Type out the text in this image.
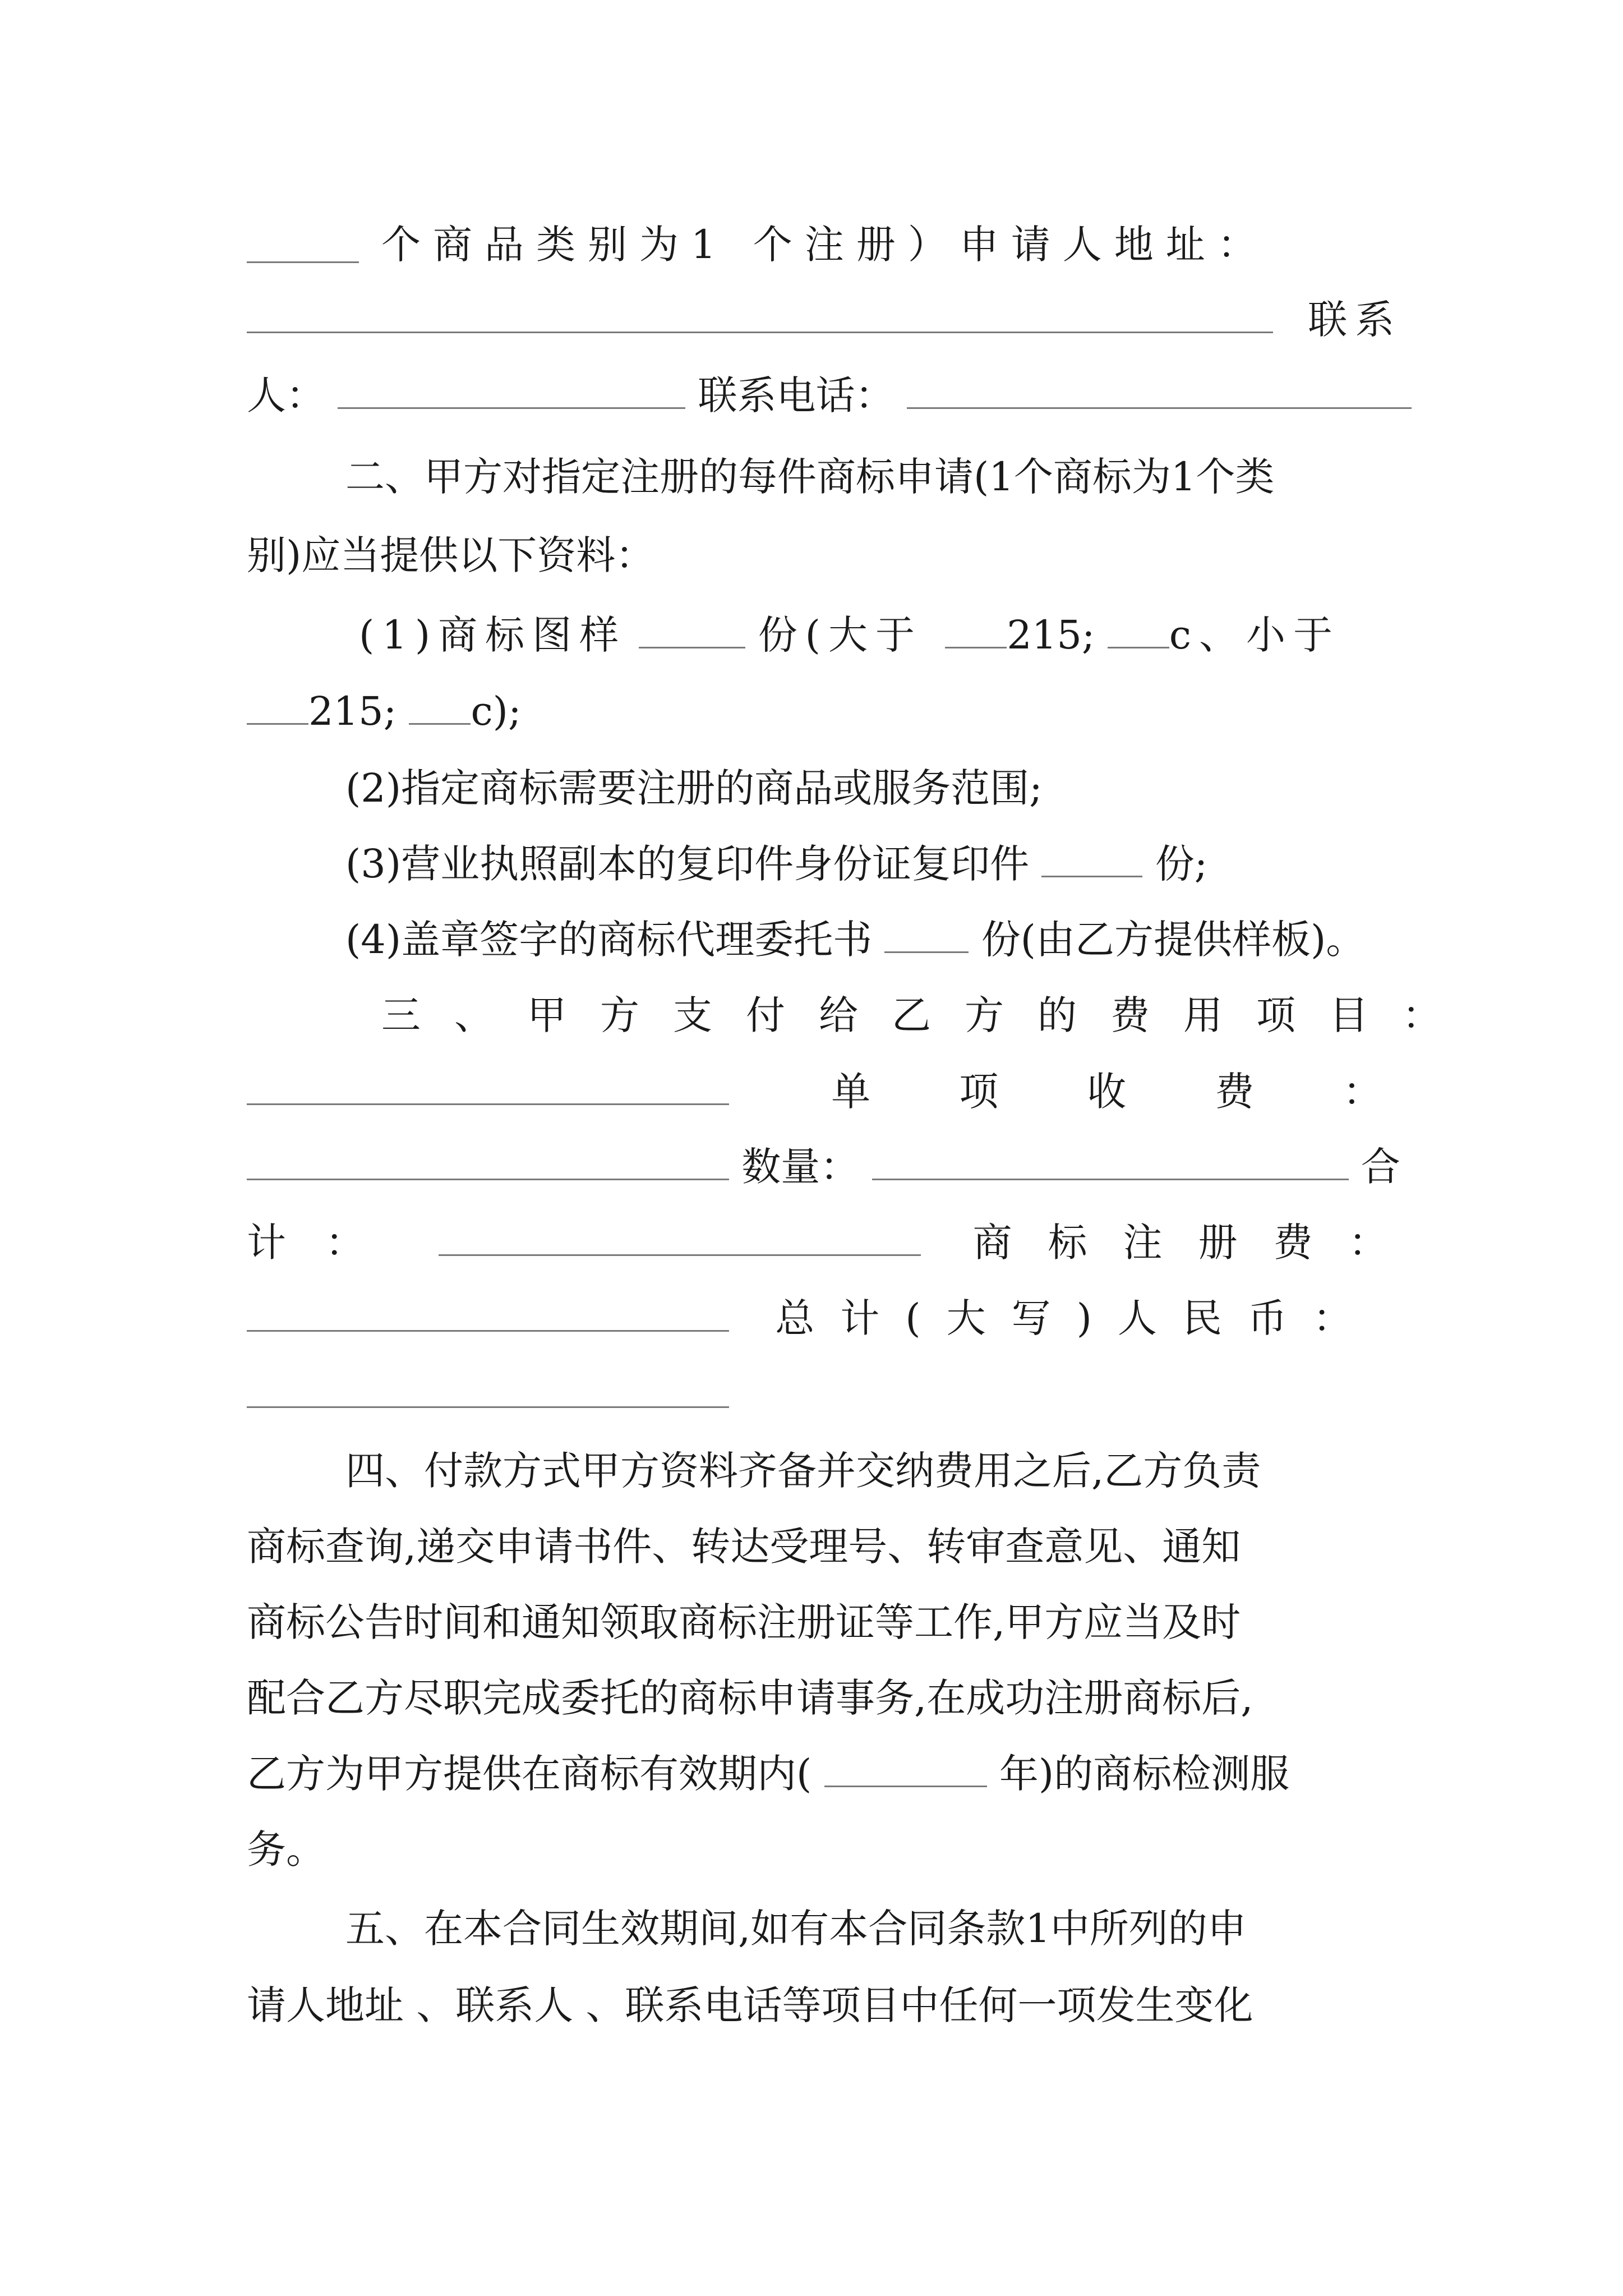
个商品类别为1 个注册）申请人地址：
联系
人：	联系电话：
二、甲方对指定注册的每件商标申请(1个商标为1个类
别)应当提供以下资料：
(1)商标图样	份(大于 215; c、小于
215; c);
(2)指定商标需要注册的商品或服务范围;
(3)营业执照副本的复印件身份证复印件	份;
(4)盖章签字的商标代理委托书	份(由乙方提供样板)。
三、甲方支付给乙方的费用项目：
单项收费：
数量：	合
计：	商标注册费：
总计(大写)人民币：
四、付款方式甲方资料齐备并交纳费用之后,乙方负责
商标查询,递交申请书件、转达受理号、转审查意见、通知
商标公告时间和通知领取商标注册证等工作,甲方应当及时
配合乙方尽职完成委托的商标申请事务,在成功注册商标后,
乙方为甲方提供在商标有效期内(	年)的商标检测服
务。
五、在本合同生效期间,如有本合同条款1中所列的申
请人地址 、联系人 、联系电话等项目中任何一项发生变化
